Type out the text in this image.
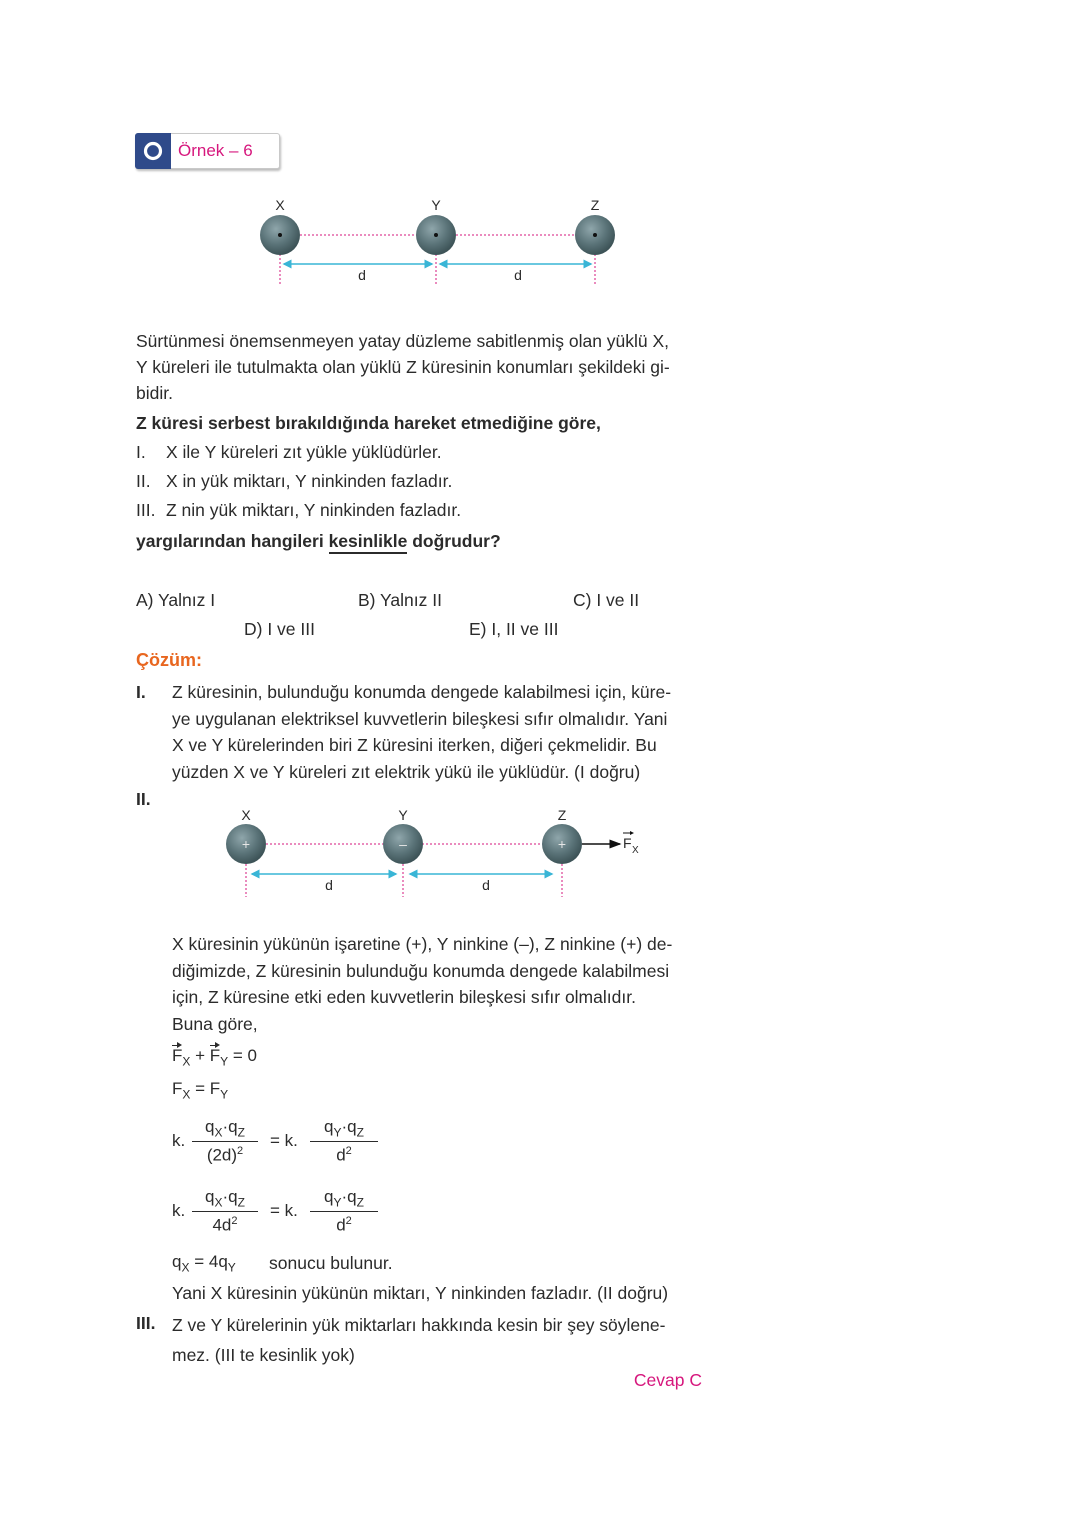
Örnek – 6
X	Y	Z
d	d
Sürtünmesi önemsenmeyen yatay düzleme sabitlenmiş olan yüklü X,
Y küreleri ile tutulmakta olan yüklü Z küresinin konumları şekildeki gi-
bidir.
Z küresi serbest bırakıldığında hareket etmediğine göre,
I. X ile Y küreleri zıt yükle yüklüdürler.
II. X in yük miktarı, Y ninkinden fazladır.
III. Z nin yük miktarı, Y ninkinden fazladır.
yargılarından hangileri kesinlikle doğrudur?
A) Yalnız I	B) Yalnız II	C) I ve II
D) I ve III	E) I, II ve III
Çözüm:
I. Z küresinin, bulunduğu konumda dengede kalabilmesi için, küre-
ye uygulanan elektriksel kuvvetlerin bileşkesi sıfır olmalıdır. Yani
X ve Y kürelerinden biri Z küresini iterken, diğeri çekmelidir. Bu
yüzden X ve Y küreleri zıt elektrik yükü ile yüklüdür. (I doğru)
II.
+	–	+
X	Y	Z
d	d
F X
X küresinin yükünün işaretine (+), Y ninkine (–), Z ninkine (+) de-
diğimizde, Z küresinin bulunduğu konumda dengede kalabilmesi
için, Z küresine etki eden kuvvetlerin bileşkesi sıfır olmalıdır.
Buna göre,
$F_X + F_Y = 0$
$F_X = F_Y$
k.
$q_X\cdot q_Z$
$(2d)^2$
= k.
$q_Y\cdot q_Z$
$d^2$
k.
$q_X\cdot q_Z$
$4d^2$
= k.
$q_Y\cdot q_Z$
$d^2$
$q_X = 4q_Y$ sonucu bulunur.
Yani X küresinin yükünün miktarı, Y ninkinden fazladır. (II doğru)
III. Z ve Y kürelerinin yük miktarları hakkında kesin bir şey söylene-
mez. (III te kesinlik yok)
Cevap C
